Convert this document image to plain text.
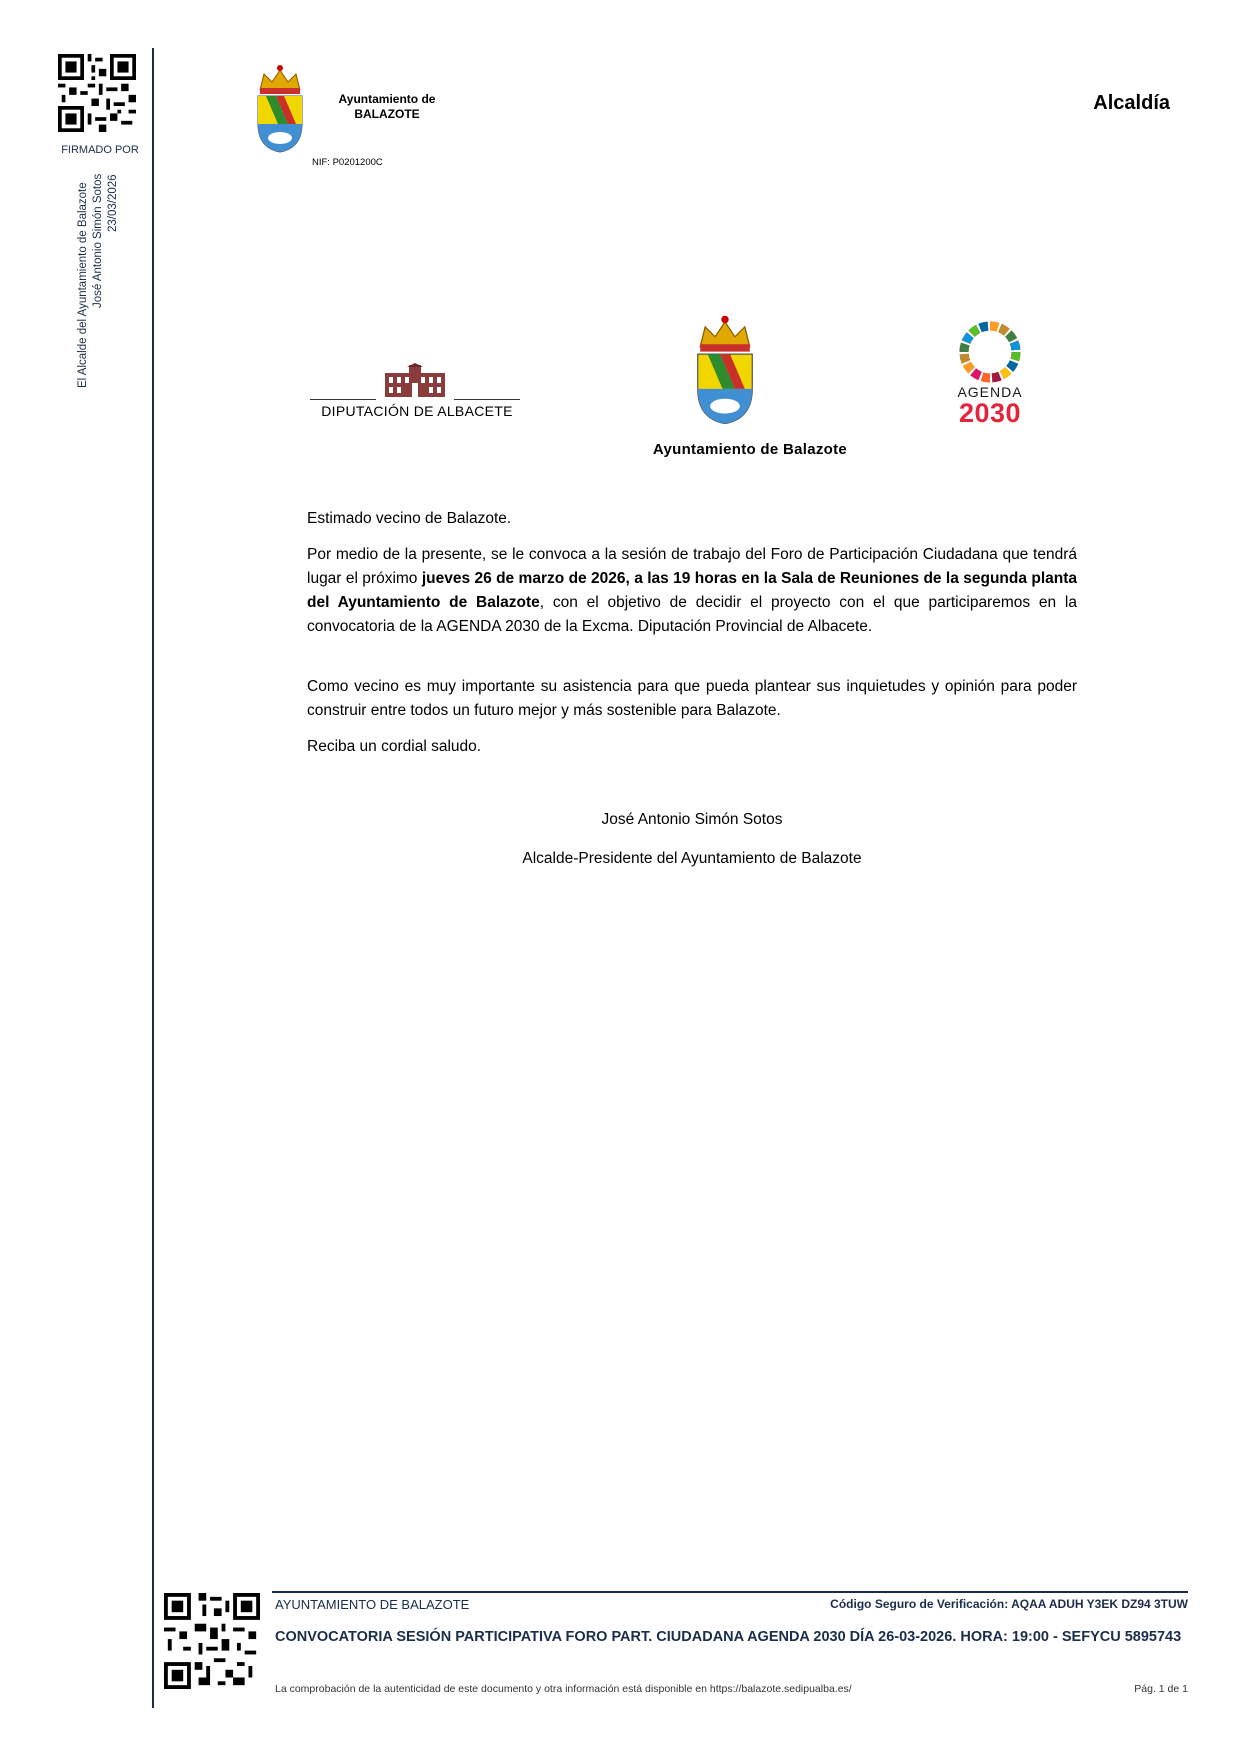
FIRMADO POR
El Alcalde del Ayuntamiento de Balazote José Antonio Simón Sotos 23/03/2026
Ayuntamiento de
BALAZOTE
NIF: P0201200C
Alcaldía
DIPUTACIÓN DE ALBACETE
Ayuntamiento de Balazote
AGENDA
2030
Estimado vecino de Balazote.
Por medio de la presente, se le convoca a la sesión de trabajo del Foro de Participación Ciudadana que tendrá lugar el próximo jueves 26 de marzo de 2026, a las 19 horas en la Sala de Reuniones de la segunda planta del Ayuntamiento de Balazote, con el objetivo de decidir el proyecto con el que participaremos en la convocatoria de la AGENDA 2030 de la Excma. Diputación Provincial de Albacete.
Como vecino es muy importante su asistencia para que pueda plantear sus inquietudes y opinión para poder construir entre todos un futuro mejor y más sostenible para Balazote.
Reciba un cordial saludo.
José Antonio Simón Sotos
Alcalde-Presidente del Ayuntamiento de Balazote
AYUNTAMIENTO DE BALAZOTE	Código Seguro de Verificación: AQAA ADUH Y3EK DZ94 3TUW
CONVOCATORIA SESIÓN PARTICIPATIVA FORO PART. CIUDADANA AGENDA 2030 DÍA 26-03-2026. HORA: 19:00 - SEFYCU 5895743
La comprobación de la autenticidad de este documento y otra información está disponible en https://balazote.sedipualba.es/	Pág. 1 de 1
